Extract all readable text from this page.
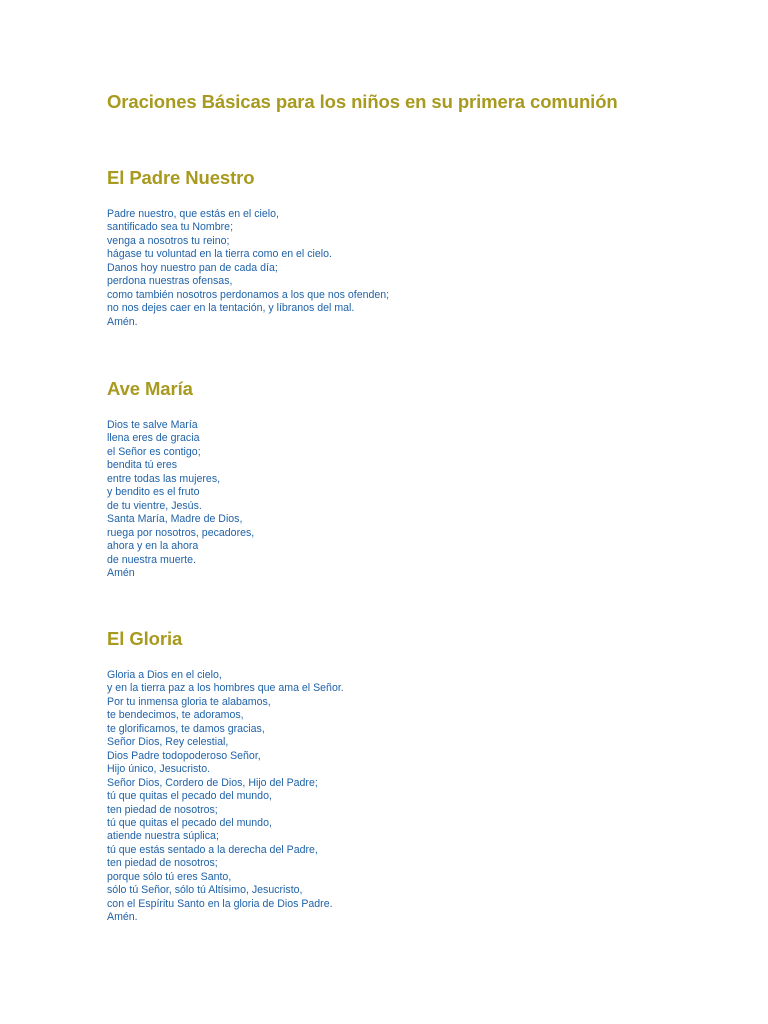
Oraciones Básicas para los niños en su primera comunión
El Padre Nuestro
Padre nuestro, que estás en el cielo,
santificado sea tu Nombre;
venga a nosotros tu reino;
hágase tu voluntad en la tierra como en el cielo.
Danos hoy nuestro pan de cada día;
perdona nuestras ofensas,
como también nosotros perdonamos a los que nos ofenden;
no nos dejes caer en la tentación, y líbranos del mal.
Amén.
Ave María
Dios te salve María
llena eres de gracia
el Señor es contigo;
bendita tú eres
entre todas las mujeres,
y bendito es el fruto
de tu vientre, Jesús.
Santa María, Madre de Dios,
ruega por nosotros, pecadores,
ahora y en la ahora
de nuestra muerte.
Amén
El Gloria
Gloria a Dios en el cielo,
y en la tierra paz a los hombres que ama el Señor.
Por tu inmensa gloria te alabamos,
te bendecimos, te adoramos,
te glorificamos, te damos gracias,
Señor Dios, Rey celestial,
Dios Padre todopoderoso Señor,
Hijo único, Jesucristo.
Señor Dios, Cordero de Dios, Hijo del Padre;
tú que quitas el pecado del mundo,
ten piedad de nosotros;
tú que quitas el pecado del mundo,
atiende nuestra súplica;
tú que estás sentado a la derecha del Padre,
ten piedad de nosotros;
porque sólo tú eres Santo,
sólo tú Señor, sólo tú Altísimo, Jesucristo,
con el Espíritu Santo en la gloria de Dios Padre.
Amén.
